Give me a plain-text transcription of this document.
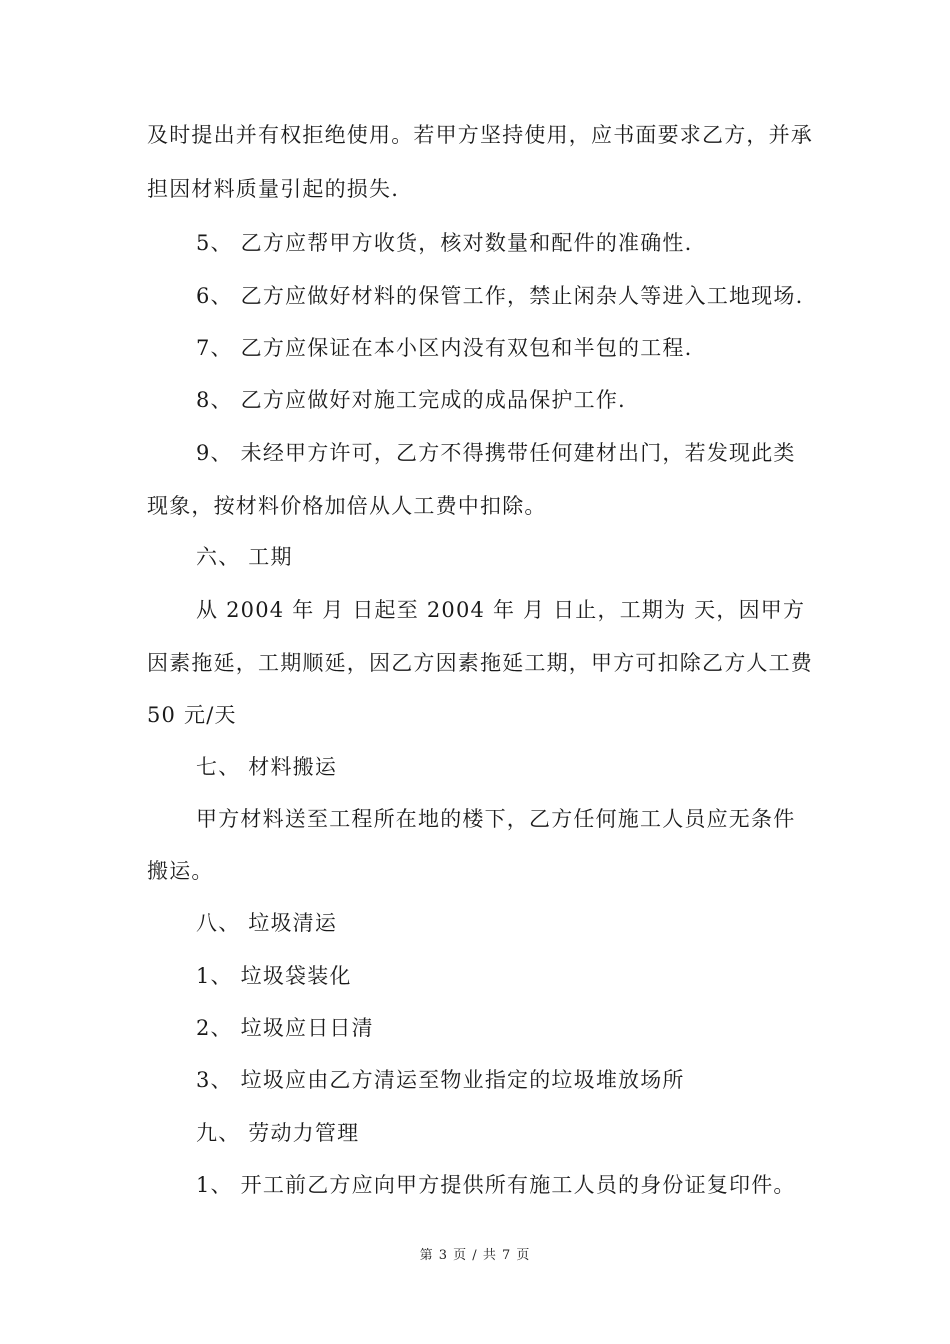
及时提出并有权拒绝使用。若甲方坚持使用，应书面要求乙方，并承
担因材料质量引起的损失.
5、 乙方应帮甲方收货，核对数量和配件的准确性.
6、 乙方应做好材料的保管工作，禁止闲杂人等进入工地现场.
7、 乙方应保证在本小区内没有双包和半包的工程.
8、 乙方应做好对施工完成的成品保护工作.
9、 未经甲方许可，乙方不得携带任何建材出门，若发现此类
现象，按材料价格加倍从人工费中扣除。
六、 工期
从 2004 年 月 日起至 2004 年 月 日止，工期为 天，因甲方
因素拖延，工期顺延，因乙方因素拖延工期，甲方可扣除乙方人工费
50 元/天
七、 材料搬运
甲方材料送至工程所在地的楼下，乙方任何施工人员应无条件
搬运。
八、 垃圾清运
1、 垃圾袋装化
2、 垃圾应日日清
3、 垃圾应由乙方清运至物业指定的垃圾堆放场所
九、 劳动力管理
1、 开工前乙方应向甲方提供所有施工人员的身份证复印件。
第 3 页 / 共 7 页
